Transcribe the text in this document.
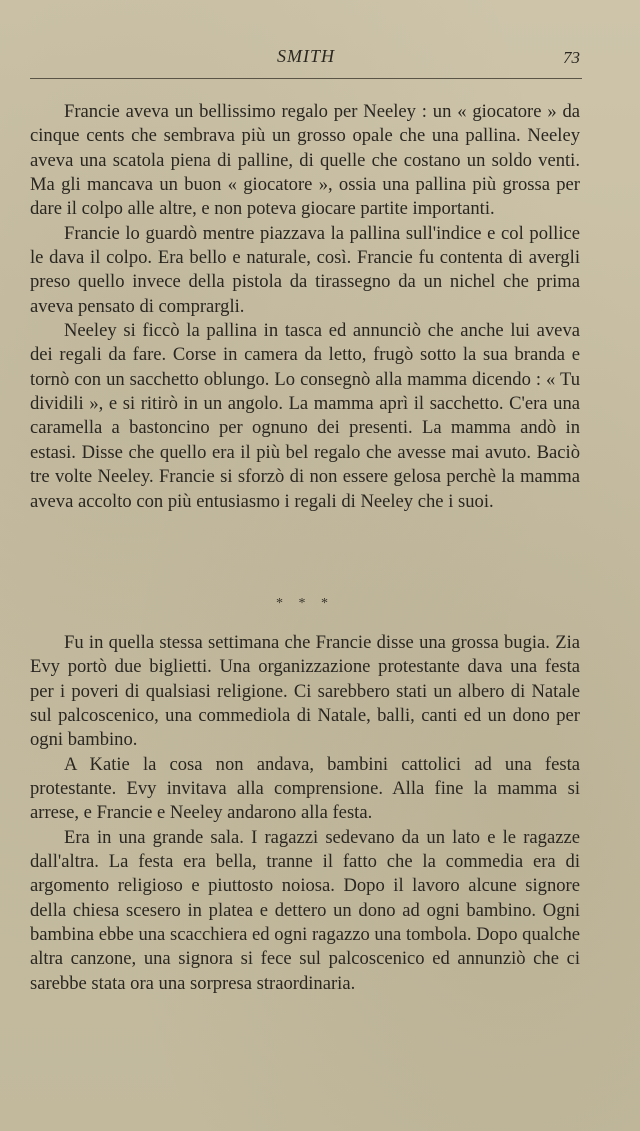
SMITH	73

Francie aveva un bellissimo regalo per Neeley : un « giocatore » da cinque cents che sembrava più un grosso opale che una pallina. Neeley aveva una scatola piena di palline, di quelle che costano un soldo venti. Ma gli mancava un buon « giocatore », ossia una pallina più grossa per dare il colpo alle altre, e non poteva giocare partite importanti.

Francie lo guardò mentre piazzava la pallina sull'indice e col pollice le dava il colpo. Era bello e naturale, così. Francie fu contenta di avergli preso quello invece della pistola da tirassegno da un nichel che prima aveva pensato di comprargli.

Neeley si ficcò la pallina in tasca ed annunciò che anche lui aveva dei regali da fare. Corse in camera da letto, frugò sotto la sua branda e tornò con un sacchetto oblungo. Lo consegnò alla mamma dicendo : « Tu dividili », e si ritirò in un angolo. La mamma aprì il sacchetto. C'era una caramella a bastoncino per ognuno dei presenti. La mamma andò in estasi. Disse che quello era il più bel regalo che avesse mai avuto. Baciò tre volte Neeley. Francie si sforzò di non essere gelosa perchè la mamma aveva accolto con più entusiasmo i regali di Neeley che i suoi.

* * *

Fu in quella stessa settimana che Francie disse una grossa bugia. Zia Evy portò due biglietti. Una organizzazione protestante dava una festa per i poveri di qualsiasi religione. Ci sarebbero stati un albero di Natale sul palcoscenico, una commediola di Natale, balli, canti ed un dono per ogni bambino.

A Katie la cosa non andava, bambini cattolici ad una festa protestante. Evy invitava alla comprensione. Alla fine la mamma si arrese, e Francie e Neeley andarono alla festa.

Era in una grande sala. I ragazzi sedevano da un lato e le ragazze dall'altra. La festa era bella, tranne il fatto che la commedia era di argomento religioso e piuttosto noiosa. Dopo il lavoro alcune signore della chiesa scesero in platea e dettero un dono ad ogni bambino. Ogni bambina ebbe una scacchiera ed ogni ragazzo una tombola. Dopo qualche altra canzone, una signora si fece sul palcoscenico ed annunziò che ci sarebbe stata ora una sorpresa straordinaria.
